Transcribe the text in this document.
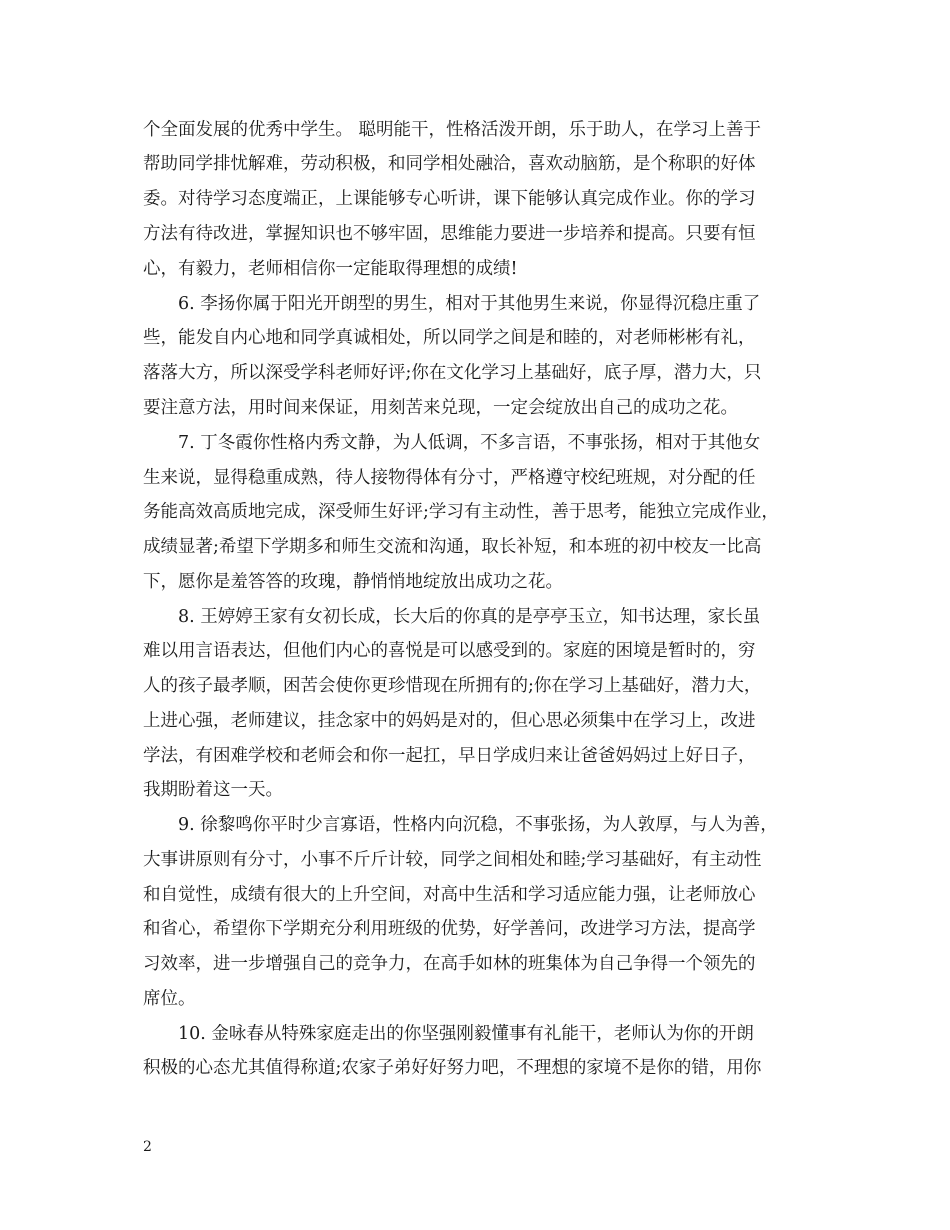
个全面发展的优秀中学生。 聪明能干，性格活泼开朗，乐于助人，在学习上善于
帮助同学排忧解难，劳动积极，和同学相处融洽，喜欢动脑筋，是个称职的好体
委。对待学习态度端正，上课能够专心听讲，课下能够认真完成作业。你的学习
方法有待改进，掌握知识也不够牢固，思维能力要进一步培养和提高。只要有恒
心，有毅力，老师相信你一定能取得理想的成绩!
6. 李扬你属于阳光开朗型的男生，相对于其他男生来说，你显得沉稳庄重了
些，能发自内心地和同学真诚相处，所以同学之间是和睦的，对老师彬彬有礼，
落落大方，所以深受学科老师好评;你在文化学习上基础好，底子厚，潜力大，只
要注意方法，用时间来保证，用刻苦来兑现，一定会绽放出自己的成功之花。
7. 丁冬霞你性格内秀文静，为人低调，不多言语，不事张扬，相对于其他女
生来说，显得稳重成熟，待人接物得体有分寸，严格遵守校纪班规，对分配的任
务能高效高质地完成，深受师生好评;学习有主动性，善于思考，能独立完成作业，
成绩显著;希望下学期多和师生交流和沟通，取长补短，和本班的初中校友一比高
下，愿你是羞答答的玫瑰，静悄悄地绽放出成功之花。
8. 王婷婷王家有女初长成，长大后的你真的是亭亭玉立，知书达理，家长虽
难以用言语表达，但他们内心的喜悦是可以感受到的。家庭的困境是暂时的，穷
人的孩子最孝顺，困苦会使你更珍惜现在所拥有的;你在学习上基础好，潜力大，
上进心强，老师建议，挂念家中的妈妈是对的，但心思必须集中在学习上，改进
学法，有困难学校和老师会和你一起扛，早日学成归来让爸爸妈妈过上好日子，
我期盼着这一天。
9. 徐黎鸣你平时少言寡语，性格内向沉稳，不事张扬，为人敦厚，与人为善，
大事讲原则有分寸，小事不斤斤计较，同学之间相处和睦;学习基础好，有主动性
和自觉性，成绩有很大的上升空间，对高中生活和学习适应能力强，让老师放心
和省心，希望你下学期充分利用班级的优势，好学善问，改进学习方法，提高学
习效率，进一步增强自己的竞争力，在高手如林的班集体为自己争得一个领先的
席位。
10. 金咏春从特殊家庭走出的你坚强刚毅懂事有礼能干，老师认为你的开朗
积极的心态尤其值得称道;农家子弟好好努力吧，不理想的家境不是你的错，用你
2
